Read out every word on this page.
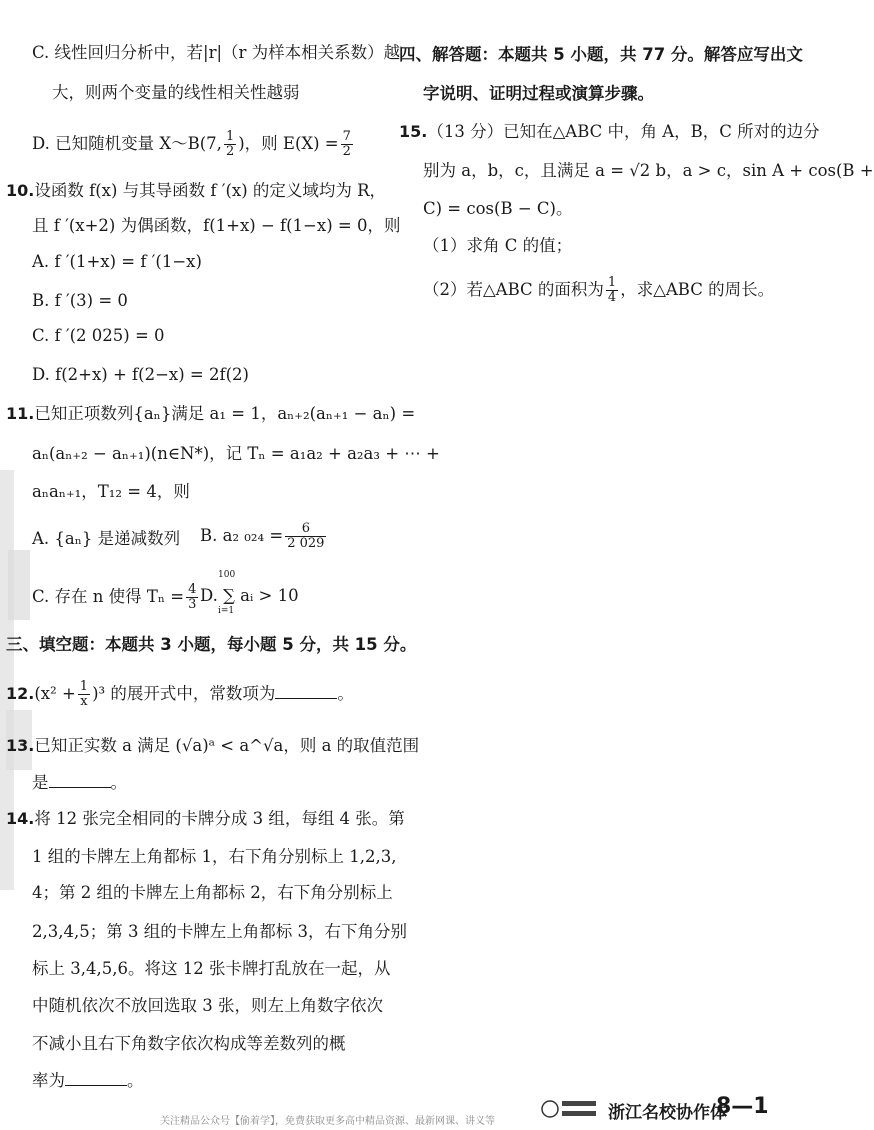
C. 线性回归分析中，若|r|（r 为样本相关系数）越
大，则两个变量的线性相关性越弱
D. 已知随机变量 X～B(7, $\frac{1}{2}$ )，则 $E(X) = \frac{7}{2}$
10.设函数 f(x) 与其导函数 f ′(x) 的定义域均为 R，
且 f ′(x+2) 为偶函数，f(1+x) − f(1−x) = 0，则
A. f ′(1+x) = f ′(1−x)
B. f ′(3) = 0
C. f ′(2 025) = 0
D. f(2+x) + f(2−x) = 2f(2)
11.已知正项数列{aₙ}满足 a₁ = 1，aₙ₊₂(aₙ₊₁ − aₙ) =
aₙ(aₙ₊₂ − aₙ₊₁)(n∈N*)，记 Tₙ = a₁a₂ + a₂a₃ + ⋯ +
aₙaₙ₊₁，T₁₂ = 4，则
A. {aₙ} 是递减数列 B. a₂ $_{024} = \frac{6}{2 029}$
C. 存在 n 使得 $T_n = \frac{4}{3} D$. ∑ aᵢ > 10
100
i=1
三、填空题：本题共 3 小题，每小题 5 分，共 15 分。
$12.(x^2 + \frac{1}{x} )^3$ 的展开式中，常数项为	。
13.已知正实数 a 满足 (√a)ᵃ < a^√a，则 a 的取值范围
是	。
14.将 12 张完全相同的卡牌分成 3 组，每组 4 张。第
1 组的卡牌左上角都标 1，右下角分别标上 1,2,3,
4；第 2 组的卡牌左上角都标 2，右下角分别标上
2,3,4,5；第 3 组的卡牌左上角都标 3，右下角分别
标上 3,4,5,6。将这 12 张卡牌打乱放在一起，从
中随机依次不放回选取 3 张，则左上角数字依次
不减小且右下角数字依次构成等差数列的概
率为	。
四、解答题：本题共 5 小题，共 77 分。解答应写出文
字说明、证明过程或演算步骤。
15.（13 分）已知在△ABC 中，角 A，B，C 所对的边分
别为 a，b，c，且满足 a = √2 b，a > c，sin A + cos(B +
C) = cos(B − C)。
（1）求角 C 的值；
（2）若△ABC 的面积为 $\frac{1}{4}$ ，求△ABC 的周长。
浙江名校协作体
8—1
关注精品公众号【偷着学】，免费获取更多高中精品资源、最新网课、讲义等
